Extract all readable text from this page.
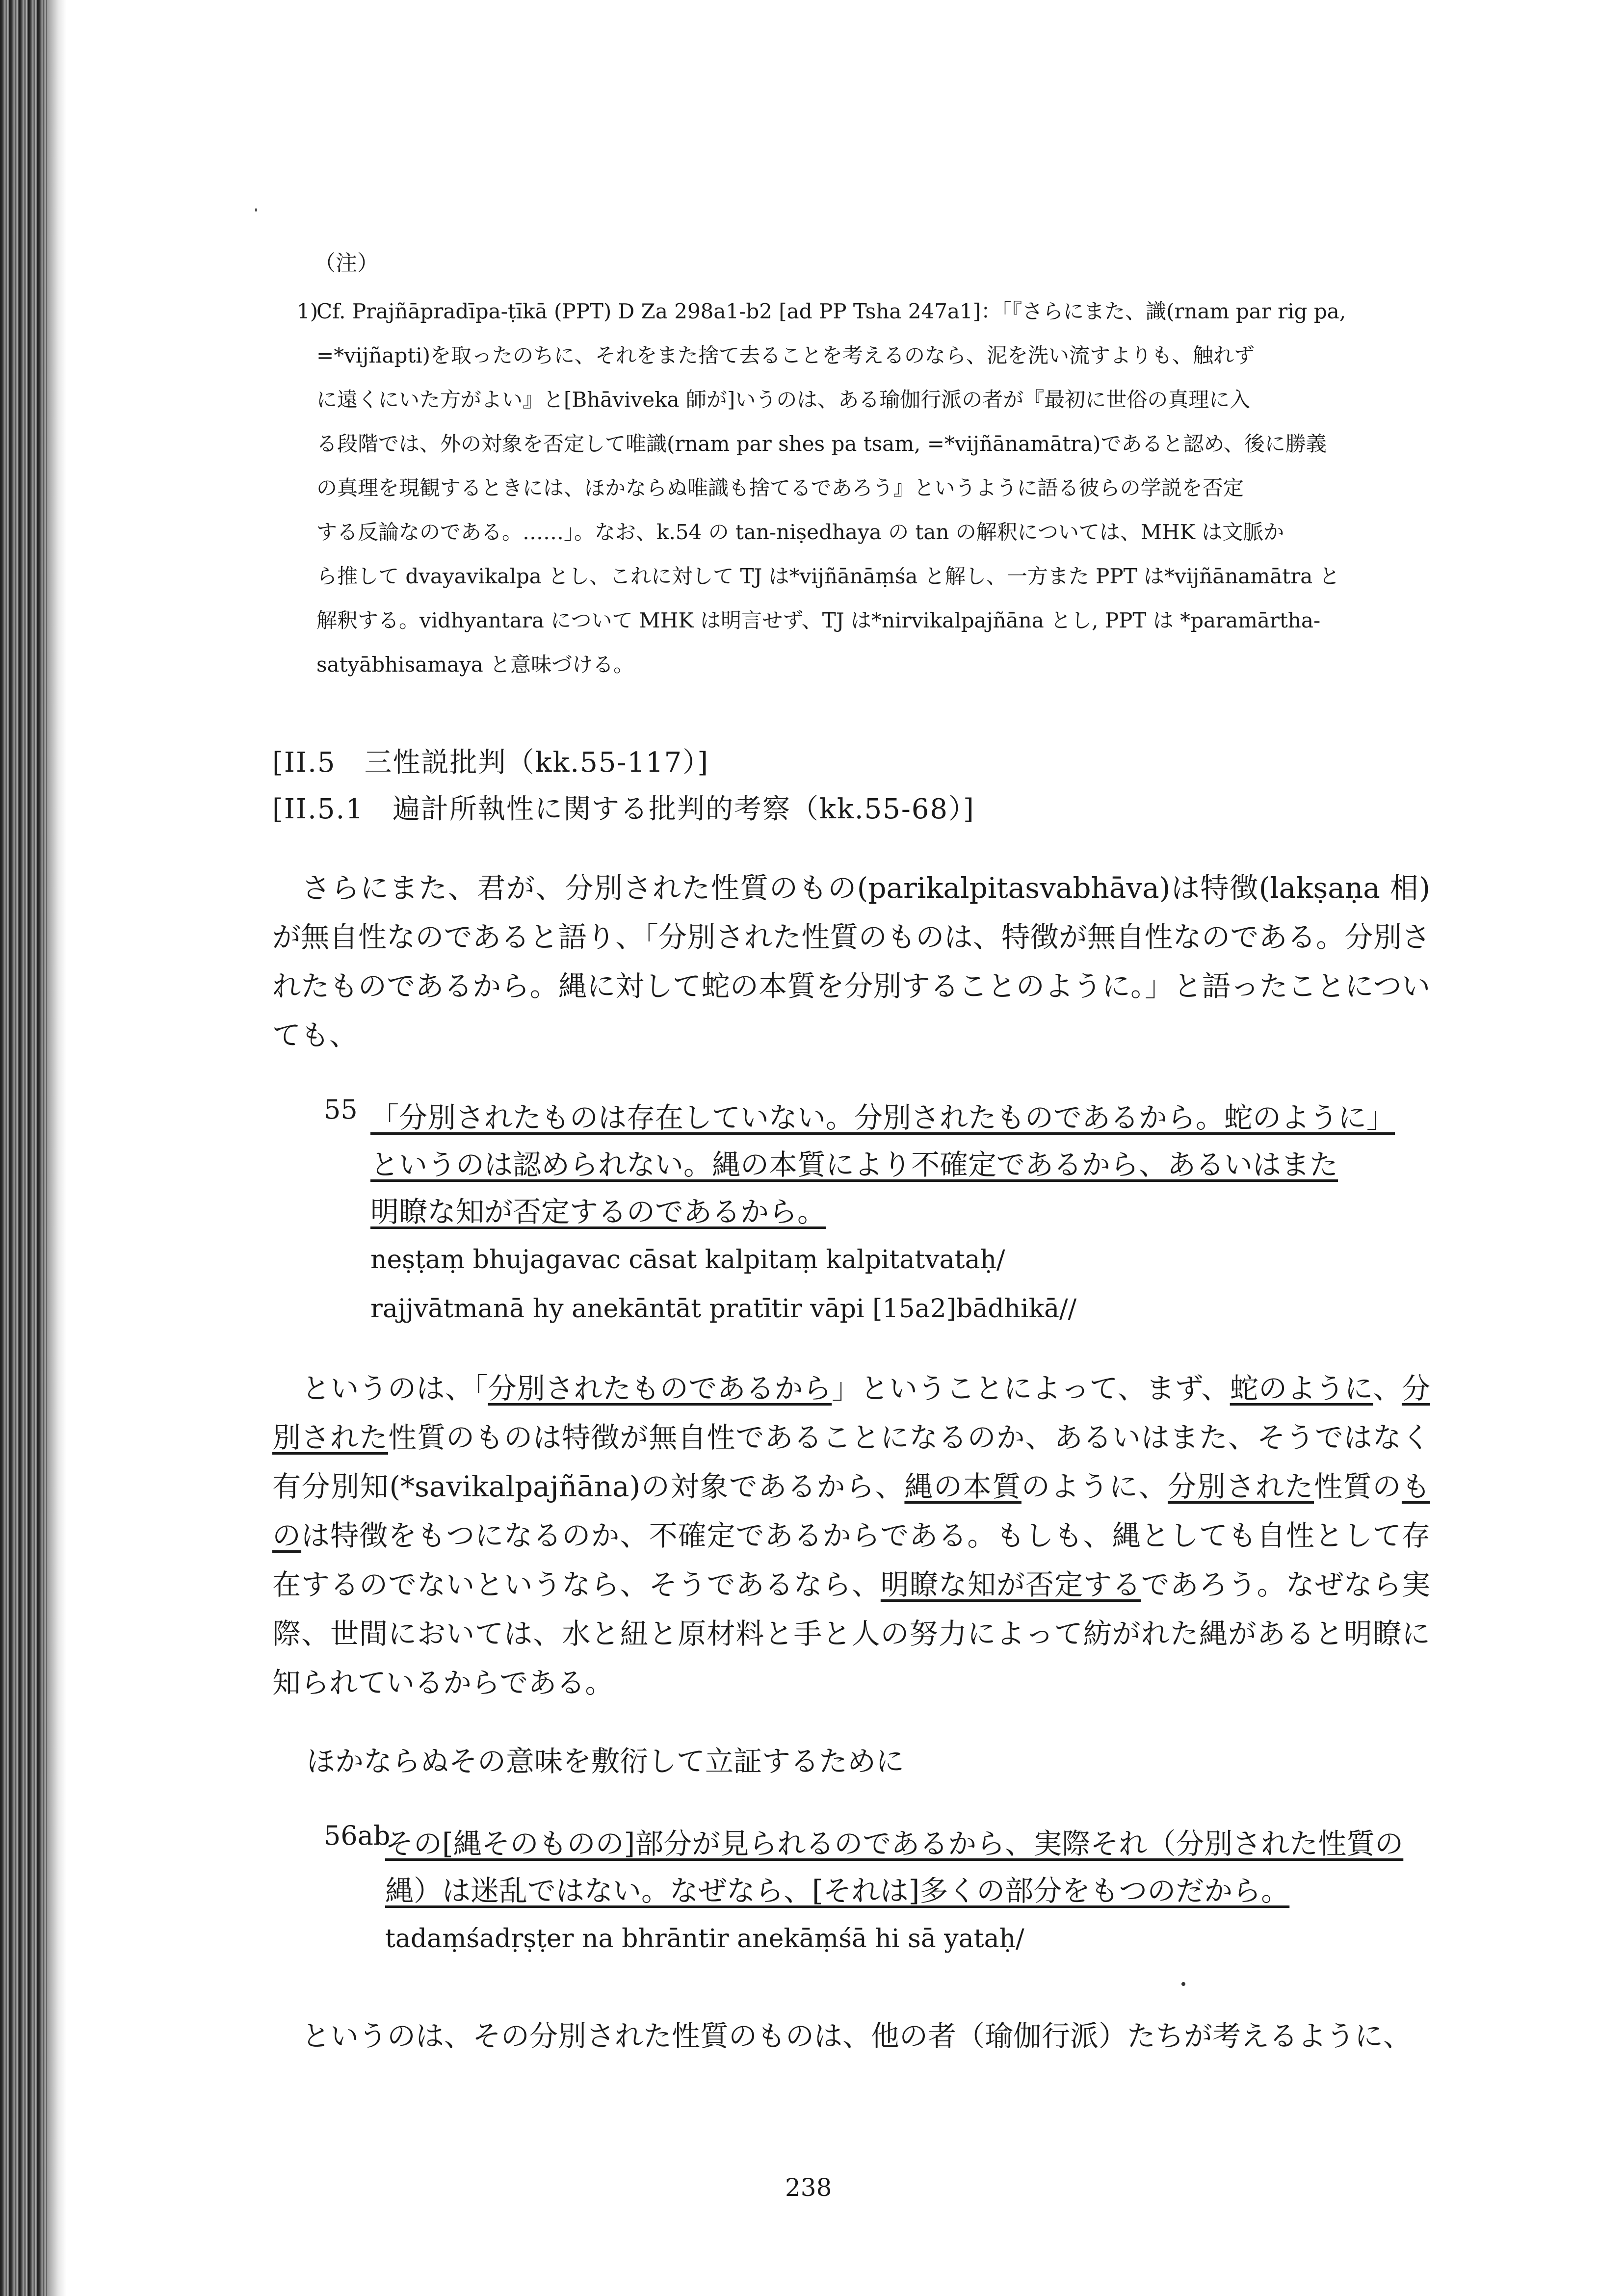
（注）
1)

Cf. Prajñāpradīpa-ṭīkā (PPT) D Za 298a1-b2 [ad PP Tsha 247a1]：「『さらにまた、識(rnam par rig pa,

=*vijñapti)を取ったのちに、それをまた捨て去ることを考えるのなら、泥を洗い流すよりも、触れず

に遠くにいた方がよい』と[Bhāviveka 師が]いうのは、ある瑜伽行派の者が『最初に世俗の真理に入

る段階では、外の対象を否定して唯識(rnam par shes pa tsam, =*vijñānamātra)であると認め、後に勝義

の真理を現観するときには、ほかならぬ唯識も捨てるであろう』というように語る彼らの学説を否定

する反論なのである。……」。なお、k.54 の tan-niṣedhaya の tan の解釈については、MHK は文脈か

ら推して dvayavikalpa とし、これに対して TJ は*vijñānāṃśa と解し、一方また PPT は*vijñānamātra と

解釈する。vidhyantara について MHK は明言せず、TJ は*nirvikalpajñāna とし, PPT は *paramārtha-

satyābhisamaya と意味づける。

[II.5　三性説批判（kk.55-117）]
[II.5.1　遍計所執性に関する批判的考察（kk.55-68）]
さらにまた、君が、分別された性質のもの(parikalpitasvabhāva)は特徴(lakṣaṇa 相)が無自性なのであると語り、「分別された性質のものは、特徴が無自性なのである。分別されたものであるから。縄に対して蛇の本質を分別することのように。」と語ったことについても、
55 「分別されたものは存在していない。分別されたものであるから。蛇のように」
というのは認められない。縄の本質により不確定であるから、あるいはまた
明瞭な知が否定するのであるから。
neṣṭaṃ bhujagavac cāsat kalpitaṃ kalpitatvataḥ/
rajjvātmanā hy anekāntāt pratītir vāpi [15a2]bādhikā//
というのは、「分別されたものであるから」ということによって、まず、蛇のように、分別された性質のものは特徴が無自性であることになるのか、あるいはまた、そうではなく有分別知(*savikalpajñāna)の対象であるから、縄の本質のように、分別された性質のものは特徴をもつになるのか、不確定であるからである。もしも、縄としても自性として存在するのでないというなら、そうであるなら、明瞭な知が否定するであろう。なぜなら実際、世間においては、水と紐と原材料と手と人の努力によって紡がれた縄があると明瞭に知られているからである。
ほかならぬその意味を敷衍して立証するために
56ab
その[縄そのものの]部分が見られるのであるから、実際それ（分別された性質の
縄）は迷乱ではない。なぜなら、[それは]多くの部分をもつのだから。
tadaṃśadṛṣṭer na bhrāntir anekāṃśā hi sā yataḥ/
というのは、その分別された性質のものは、他の者（瑜伽行派）たちが考えるように、
238
